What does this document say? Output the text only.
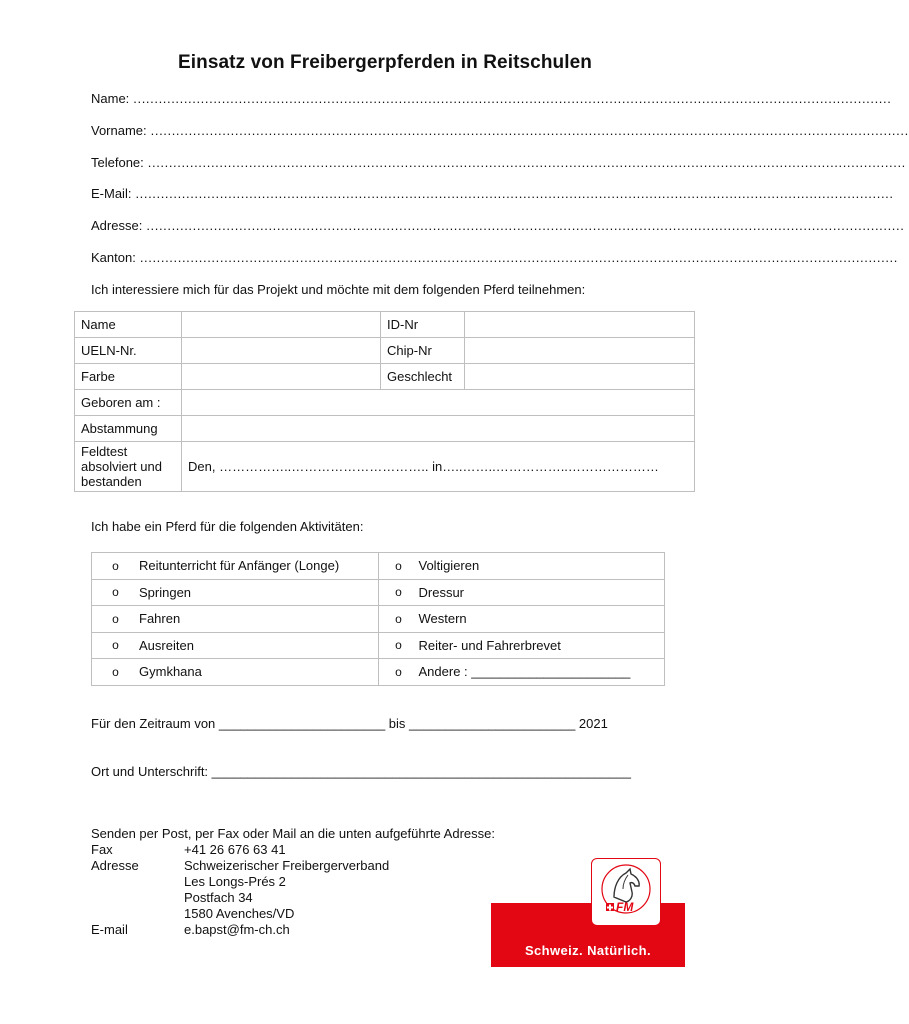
Einsatz von Freibergerpferden in Reitschulen
Name: ....................................................................................................................................................................................
Vorname: ....................................................................................................................................................................................
Telefone: ....................................................................................................................................................................................
E-Mail: ....................................................................................................................................................................................
Adresse: ....................................................................................................................................................................................
Kanton: ....................................................................................................................................................................................
Ich interessiere mich für das Projekt und möchte mit dem folgenden Pferd teilnehmen:
Name		ID-Nr	
UELN-Nr.		Chip-Nr	
Farbe		Geschlecht	
Geboren am :			
Abstammung			

Feldtest
absolviert und
bestanden	Den, ……………..………………………….. in…..……..……………..…………………		
Ich habe ein Pferd für die folgenden Aktivitäten:
o Reitunterricht für Anfänger (Longe)	o Voltigieren

o Springen	o Dressur

o Fahren	o Western

o Ausreiten	o Reiter- und Fahrerbrevet

o Gymkhana	o Andere : ______________________
Für den Zeitraum von _______________________ bis _______________________ 2021
Ort und Unterschrift: __________________________________________________________
Senden per Post, per Fax oder Mail an die unten aufgeführte Adresse:
Fax	+41 26 676 63 41
Adresse	Schweizerischer Freibergerverband
Les Longs-Prés 2
Postfach 34
1580 Avenches/VD
E-mail	e.bapst@fm-ch.ch
Schweiz. Natürlich.
FM
